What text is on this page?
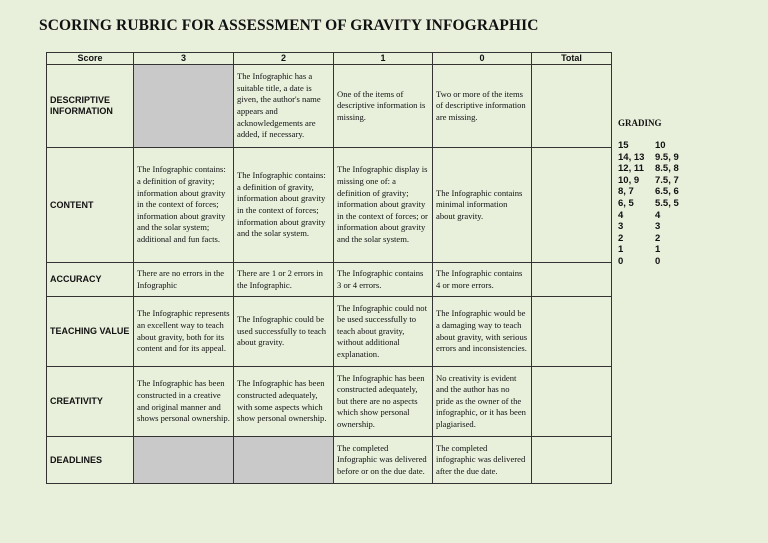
SCORING RUBRIC FOR ASSESSMENT OF GRAVITY INFOGRAPHIC
Score	3	2	1	0	Total
DESCRIPTIVE INFORMATION		The Infographic has a suitable title, a date is given, the author's name appears and acknowledgements are added, if necessary.	One of the items of descriptive information is missing.	Two or more of the items of descriptive information are missing.	
CONTENT	The Infographic contains: a definition of gravity; information about gravity in the context of forces; information about gravity and the solar system; additional and fun facts.	The Infographic contains: a definition of gravity, information about gravity in the context of forces; information about gravity and the solar system.	The Infographic display is missing one of: a definition of gravity; information about gravity in the context of forces; or information about gravity and the solar system.	The Infographic contains minimal information about gravity.	
ACCURACY	There are no errors in the Infographic	There are 1 or 2 errors in the Infographic.	The Infographic contains 3 or 4 errors.	The Infographic contains 4 or more errors.	
TEACHING VALUE	The Infographic represents an excellent way to teach about gravity, both for its content and for its appeal.	The Infographic could be used successfully to teach about gravity.	The Infographic could not be used successfully to teach about gravity, without additional explanation.	The Infographic would be a damaging way to teach about gravity, with serious errors and inconsistencies.	
CREATIVITY	The Infographic has been constructed in a creative and original manner and shows personal ownership.	The Infographic has been constructed adequately, with some aspects which show personal ownership.	The Infographic has been constructed adequately, but there are no aspects which show personal ownership.	No creativity is evident and the author has no pride as the owner of the infographic, or it has been plagiarised.	
DEADLINES			The completed Infographic was delivered before or on the due date.	The completed infographic was delivered after the due date.	
GRADING
15	10
14, 13	9.5, 9
12, 11	8.5, 8
10, 9	7.5, 7
8, 7	6.5, 6
6, 5	5.5, 5
4	4
3	3
2	2
1	1
0	0
